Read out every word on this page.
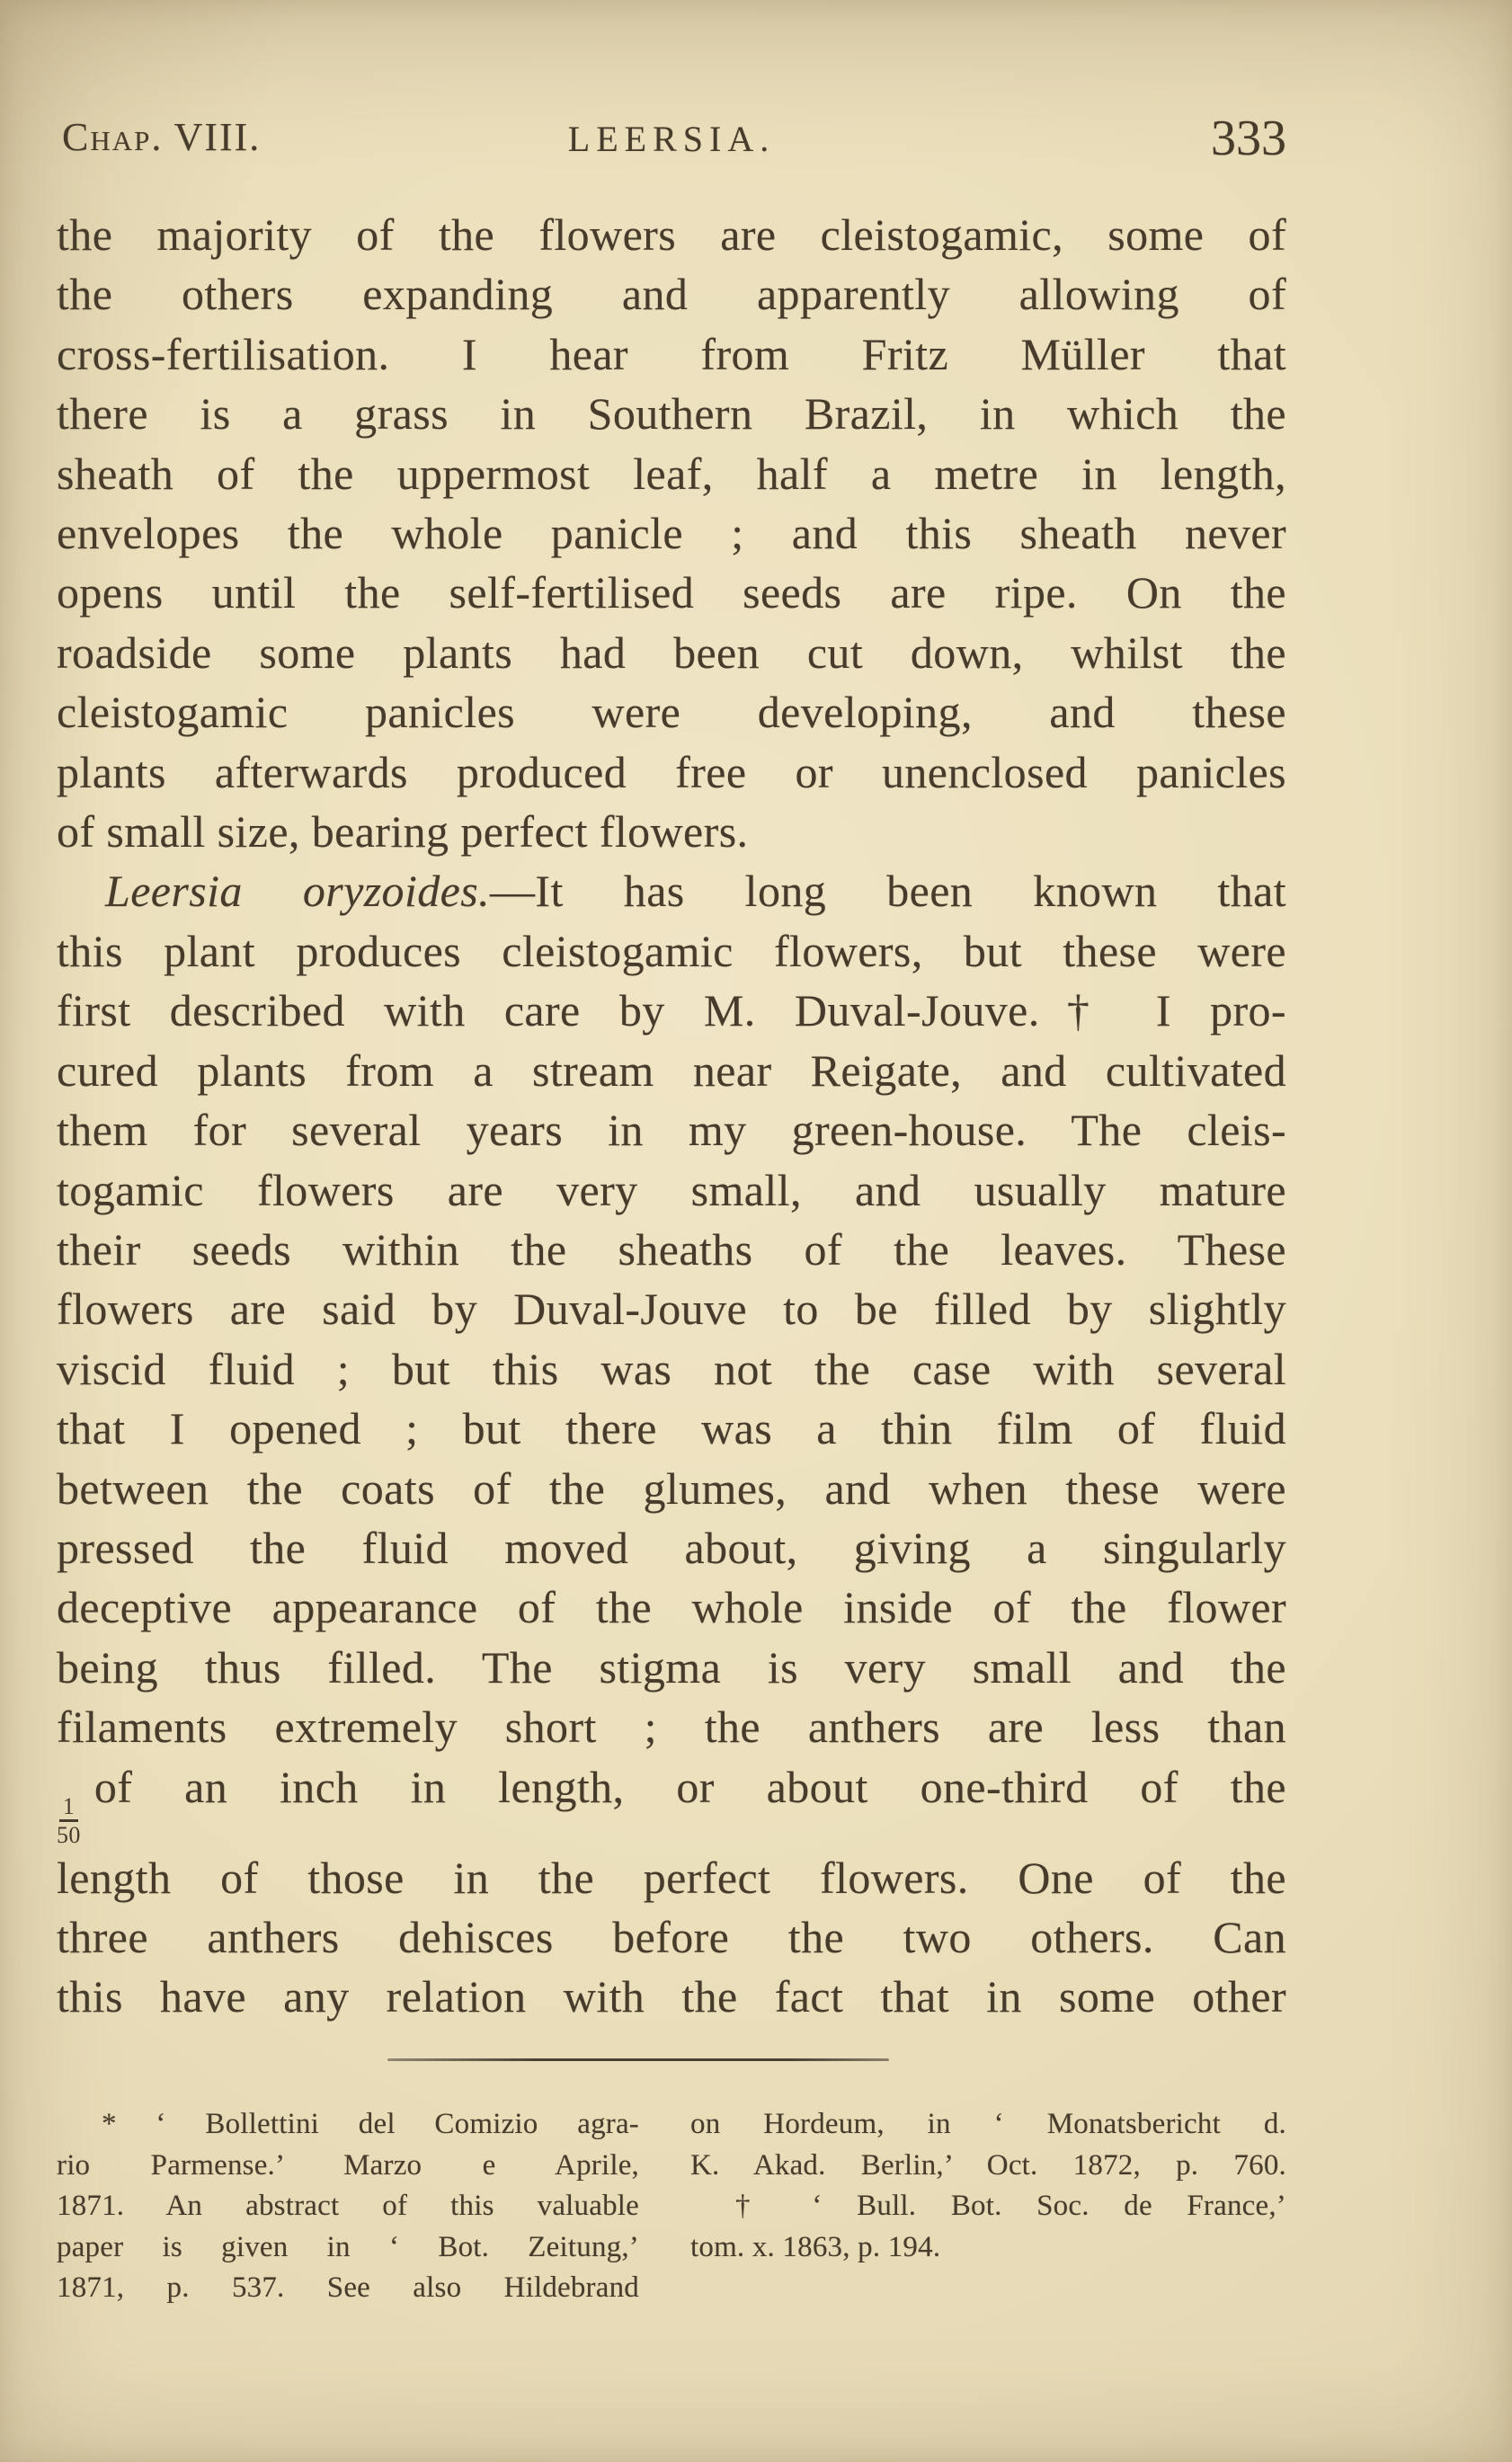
Chap. VIII.	LEERSIA.	333
the majority of the flowers are cleistogamic, some of
the others expanding and apparently allowing of
cross-fertilisation. I hear from Fritz Müller that
there is a grass in Southern Brazil, in which the
sheath of the uppermost leaf, half a metre in length,
envelopes the whole panicle ; and this sheath never
opens until the self-fertilised seeds are ripe. On the
roadside some plants had been cut down, whilst the
cleistogamic panicles were developing, and these
plants afterwards produced free or unenclosed panicles
of small size, bearing perfect flowers.
Leersia oryzoides.—It has long been known that
this plant produces cleistogamic flowers, but these were
first described with care by M. Duval-Jouve.† I pro-
cured plants from a stream near Reigate, and cultivated
them for several years in my green-house. The cleis-
togamic flowers are very small, and usually mature
their seeds within the sheaths of the leaves. These
flowers are said by Duval-Jouve to be filled by slightly
viscid fluid ; but this was not the case with several
that I opened ; but there was a thin film of fluid
between the coats of the glumes, and when these were
pressed the fluid moved about, giving a singularly
deceptive appearance of the whole inside of the flower
being thus filled. The stigma is very small and the
filaments extremely short ; the anthers are less than
$\frac{1}{50}$
of an inch in length, or about one-third of the
length of those in the perfect flowers. One of the
three anthers dehisces before the two others. Can
this have any relation with the fact that in some other
* ‘ Bollettini del Comizio agra-
rio Parmense.’ Marzo e Aprile,
1871. An abstract of this valuable
paper is given in ‘ Bot. Zeitung,’
1871, p. 537. See also Hildebrand
on Hordeum, in ‘ Monatsbericht d.
K. Akad. Berlin,’ Oct. 1872, p. 760.
† ‘ Bull. Bot. Soc. de France,’
tom. x. 1863, p. 194.
